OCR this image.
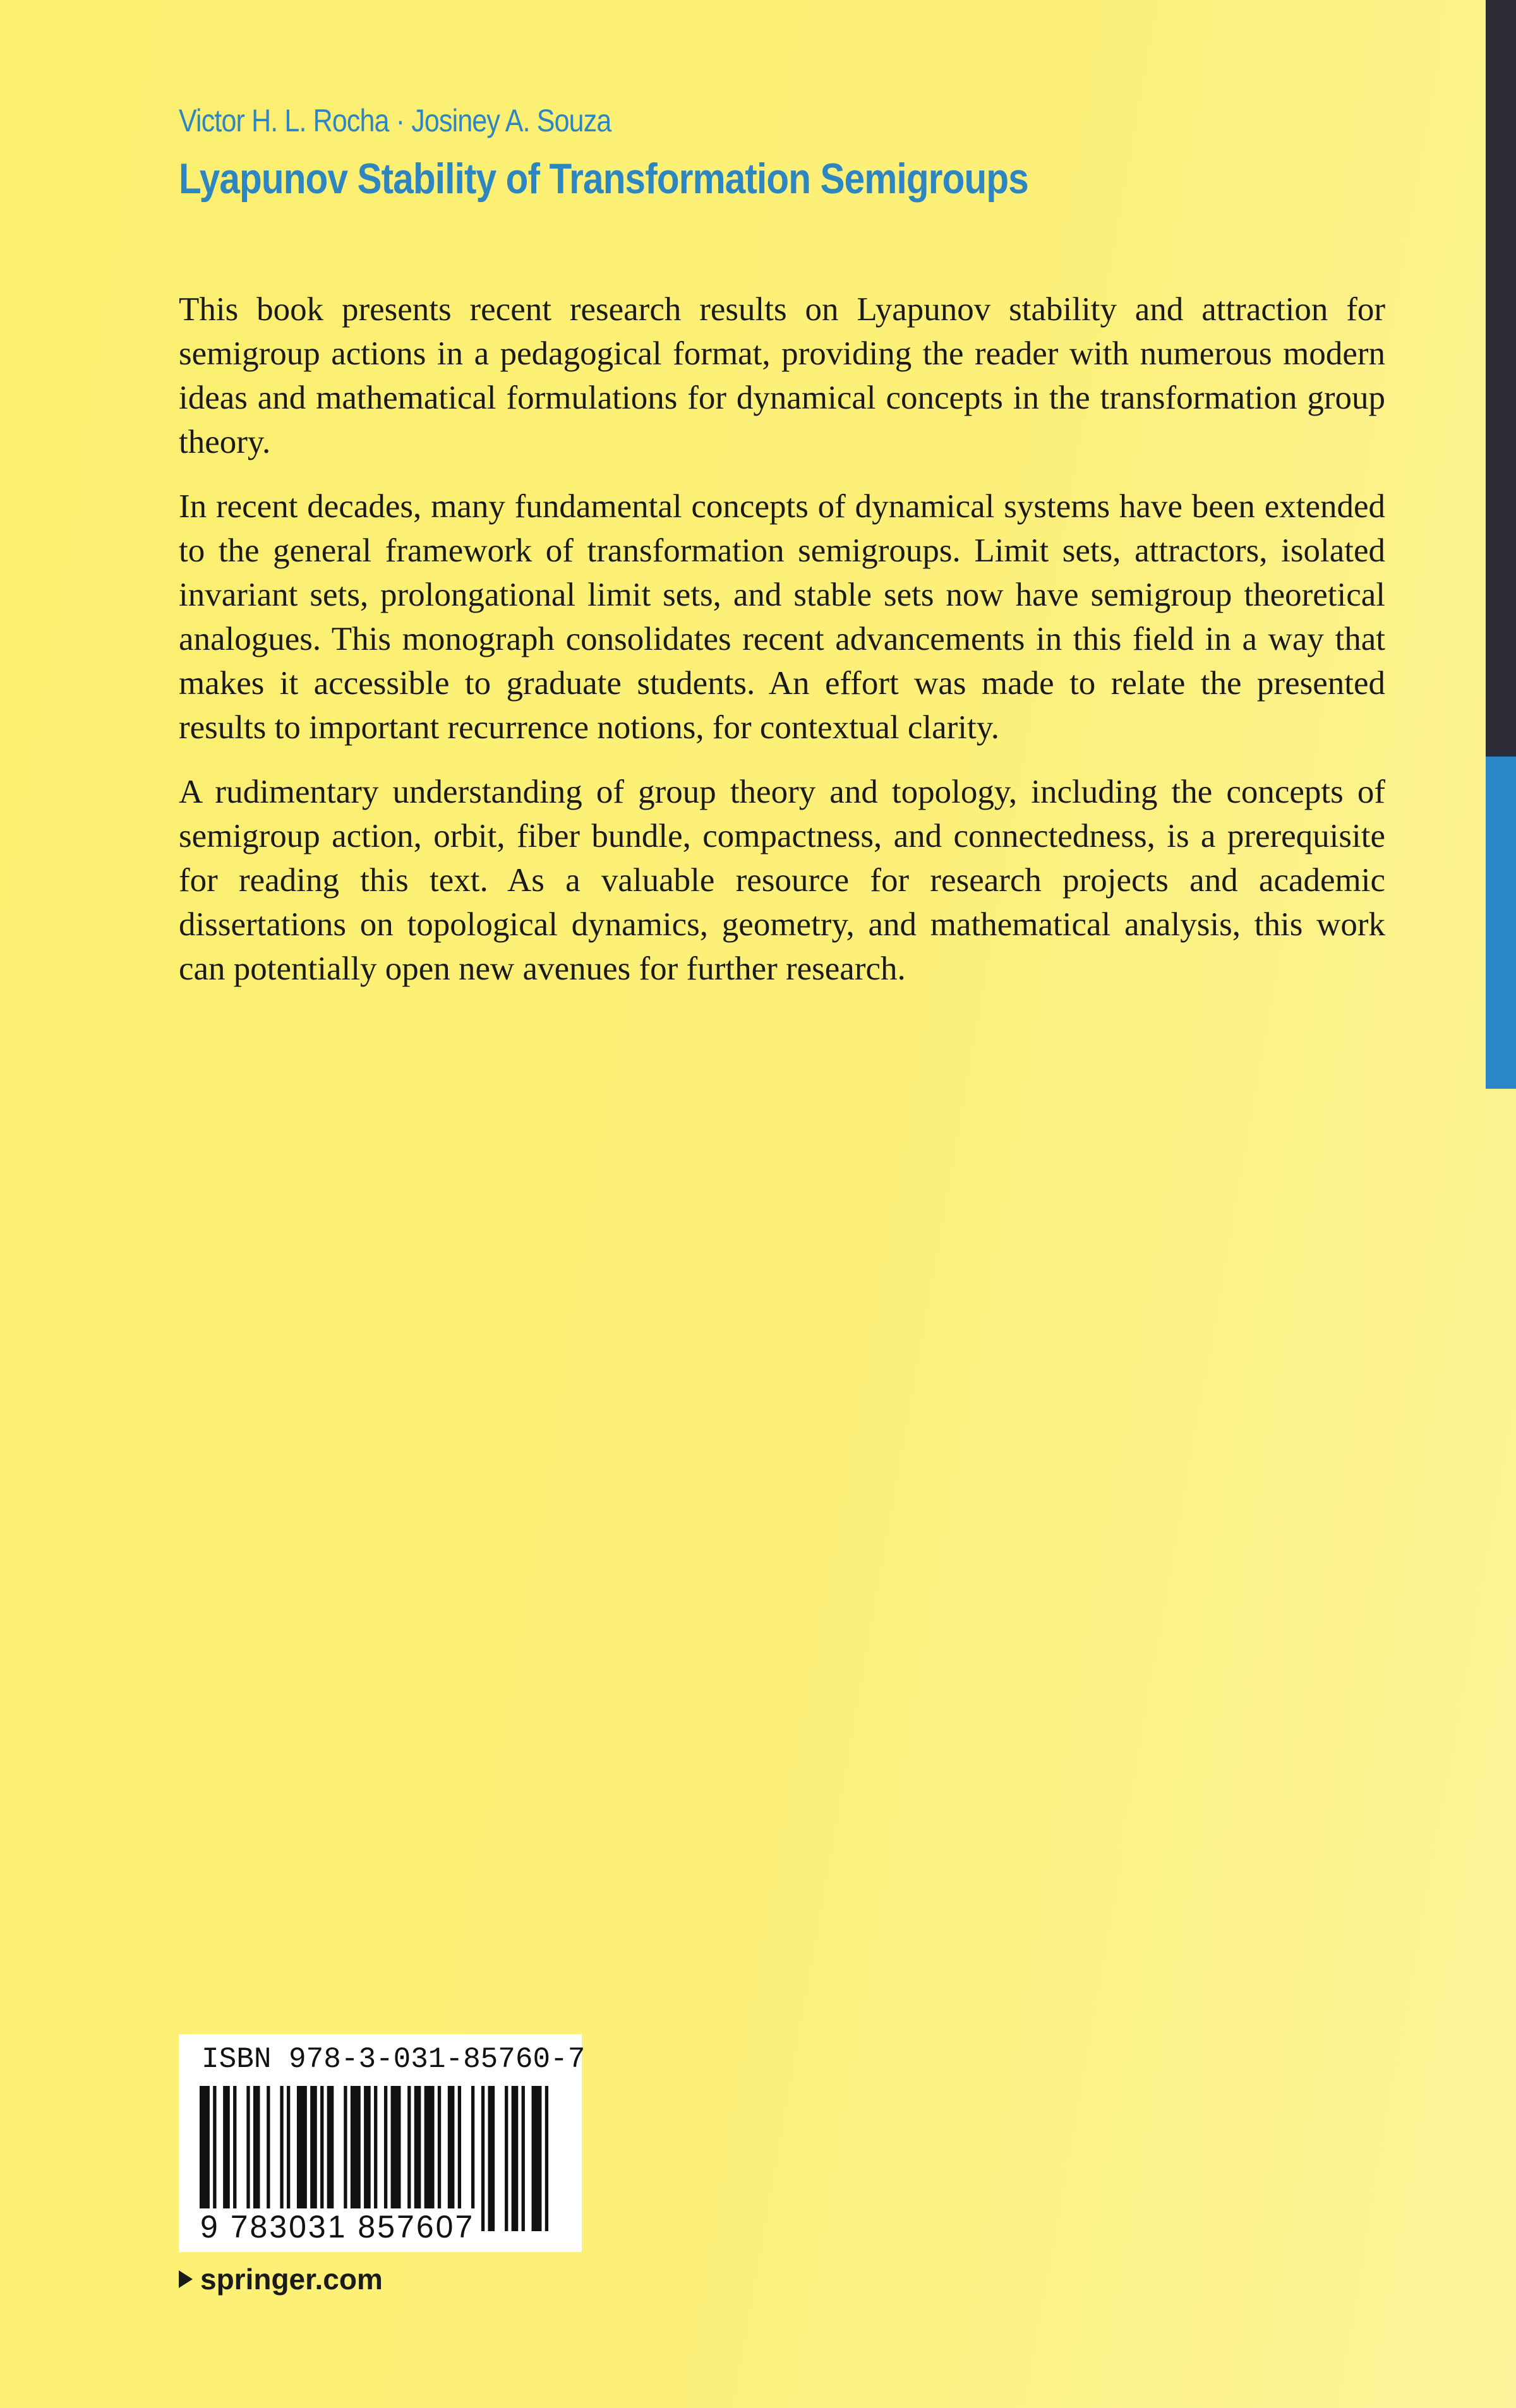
Victor H. L. Rocha · Josiney A. Souza
Lyapunov Stability of Transformation Semigroups

This book presents recent research results on Lyapunov stability and attraction for semigroup actions in a pedagogical format, providing the reader with numerous modern ideas and mathematical formulations for dynamical concepts in the transformation group theory.

In recent decades, many fundamental concepts of dynamical systems have been extended to the general framework of transformation semigroups. Limit sets, attractors, isolated invariant sets, prolongational limit sets, and stable sets now have semigroup theoretical analogues. This monograph consolidates recent advancements in this field in a way that makes it accessible to graduate students. An effort was made to relate the presented results to important recurrence notions, for contextual clarity.

A rudimentary understanding of group theory and topology, including the concepts of semigroup action, orbit, fiber bundle, compactness, and connectedness, is a prerequisite for reading this text. As a valuable resource for research projects and academic dissertations on topological dynamics, geometry, and mathematical analysis, this work can potentially open new avenues for further research.

ISBN 978-3-031-85760-7
9 783031 857607
springer.com
